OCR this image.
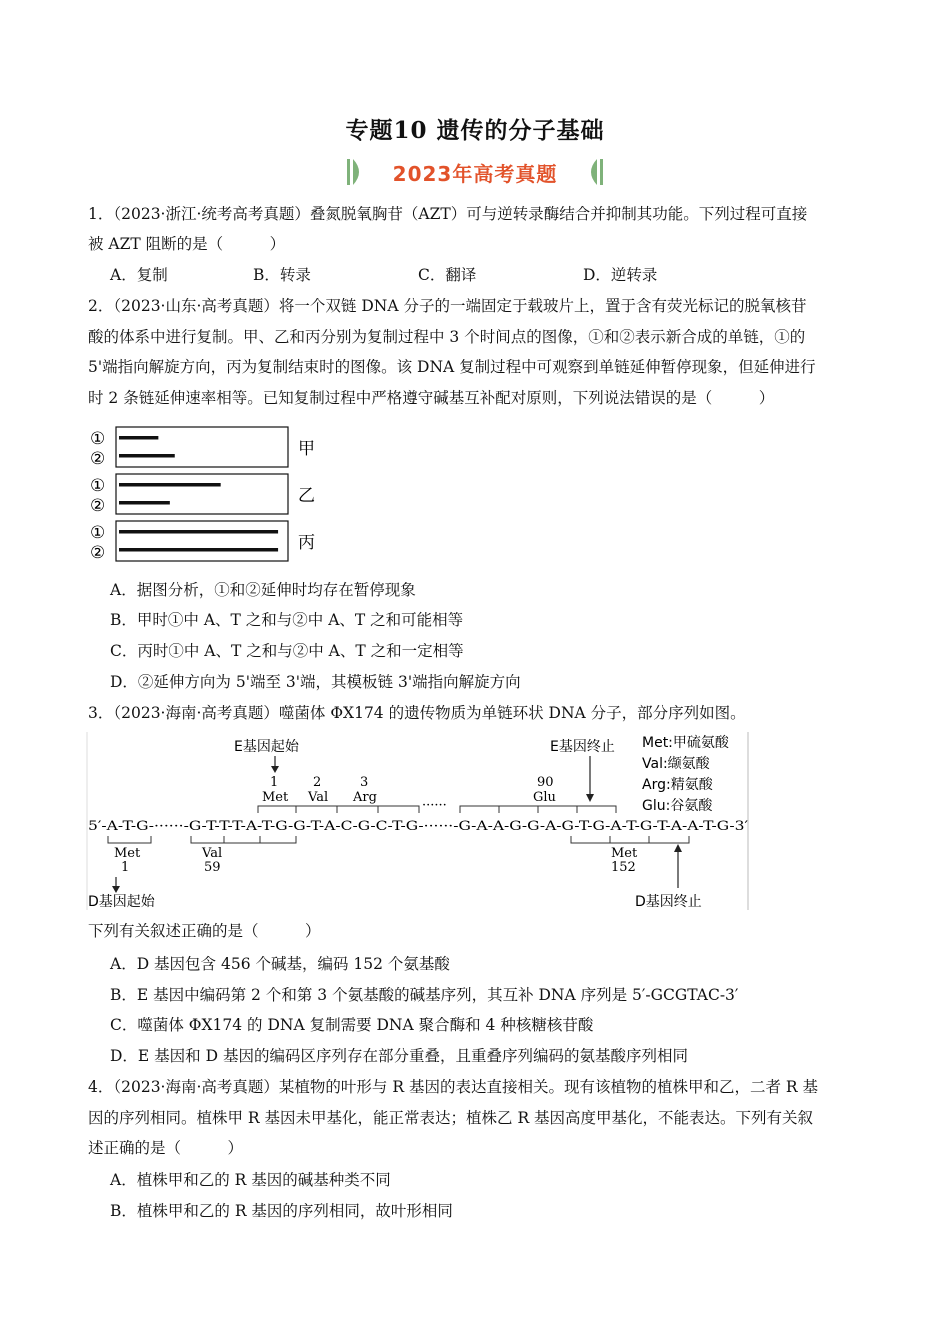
专题10 遗传的分子基础
2023年高考真题
1．（2023·浙江·统考高考真题）叠氮脱氧胸苷（AZT）可与逆转录酶结合并抑制其功能。下列过程可直接
被 AZT 阻断的是（　　　）
A．复制	B．转录	C．翻译	D．逆转录
2．（2023·山东·高考真题）将一个双链 DNA 分子的一端固定于载玻片上，置于含有荧光标记的脱氧核苷
酸的体系中进行复制。甲、乙和丙分别为复制过程中 3 个时间点的图像，①和②表示新合成的单链，①的
5'端指向解旋方向，丙为复制结束时的图像。该 DNA 复制过程中可观察到单链延伸暂停现象，但延伸进行
时 2 条链延伸速率相等。已知复制过程中严格遵守碱基互补配对原则，下列说法错误的是（　　　）
①
②	甲
①
②	乙
①
②	丙
A．据图分析，①和②延伸时均存在暂停现象
B．甲时①中 A、T 之和与②中 A、T 之和可能相等
C．丙时①中 A、T 之和与②中 A、T 之和一定相等
D．②延伸方向为 5'端至 3'端，其模板链 3'端指向解旋方向
3．（2023·海南·高考真题）噬菌体 ΦX174 的遗传物质为单链环状 DNA 分子，部分序列如图。
E基因起始	E基因终止 Met:甲硫氨酸
Val:缬氨酸
Arg:精氨酸
Glu:谷氨酸
1	2	3	90
Met Val Arg	Glu
······
5′-A-T-G-······-G-T-T-T-A-T-G-G-T-A-C-G-C-T-G-······-G-A-A-G-G-A-G-T-G-A-T-G-T-A-A-T-G-3′
Met	Val	Met
1	59	152
D基因起始	D基因终止
下列有关叙述正确的是（　　　）
A．D 基因包含 456 个碱基，编码 152 个氨基酸
B．E 基因中编码第 2 个和第 3 个氨基酸的碱基序列，其互补 DNA 序列是 5′-GCGTAC-3′
C．噬菌体 ΦX174 的 DNA 复制需要 DNA 聚合酶和 4 种核糖核苷酸
D．E 基因和 D 基因的编码区序列存在部分重叠，且重叠序列编码的氨基酸序列相同
4．（2023·海南·高考真题）某植物的叶形与 R 基因的表达直接相关。现有该植物的植株甲和乙，二者 R 基
因的序列相同。植株甲 R 基因未甲基化，能正常表达；植株乙 R 基因高度甲基化，不能表达。下列有关叙
述正确的是（　　　）
A．植株甲和乙的 R 基因的碱基种类不同
B．植株甲和乙的 R 基因的序列相同，故叶形相同
